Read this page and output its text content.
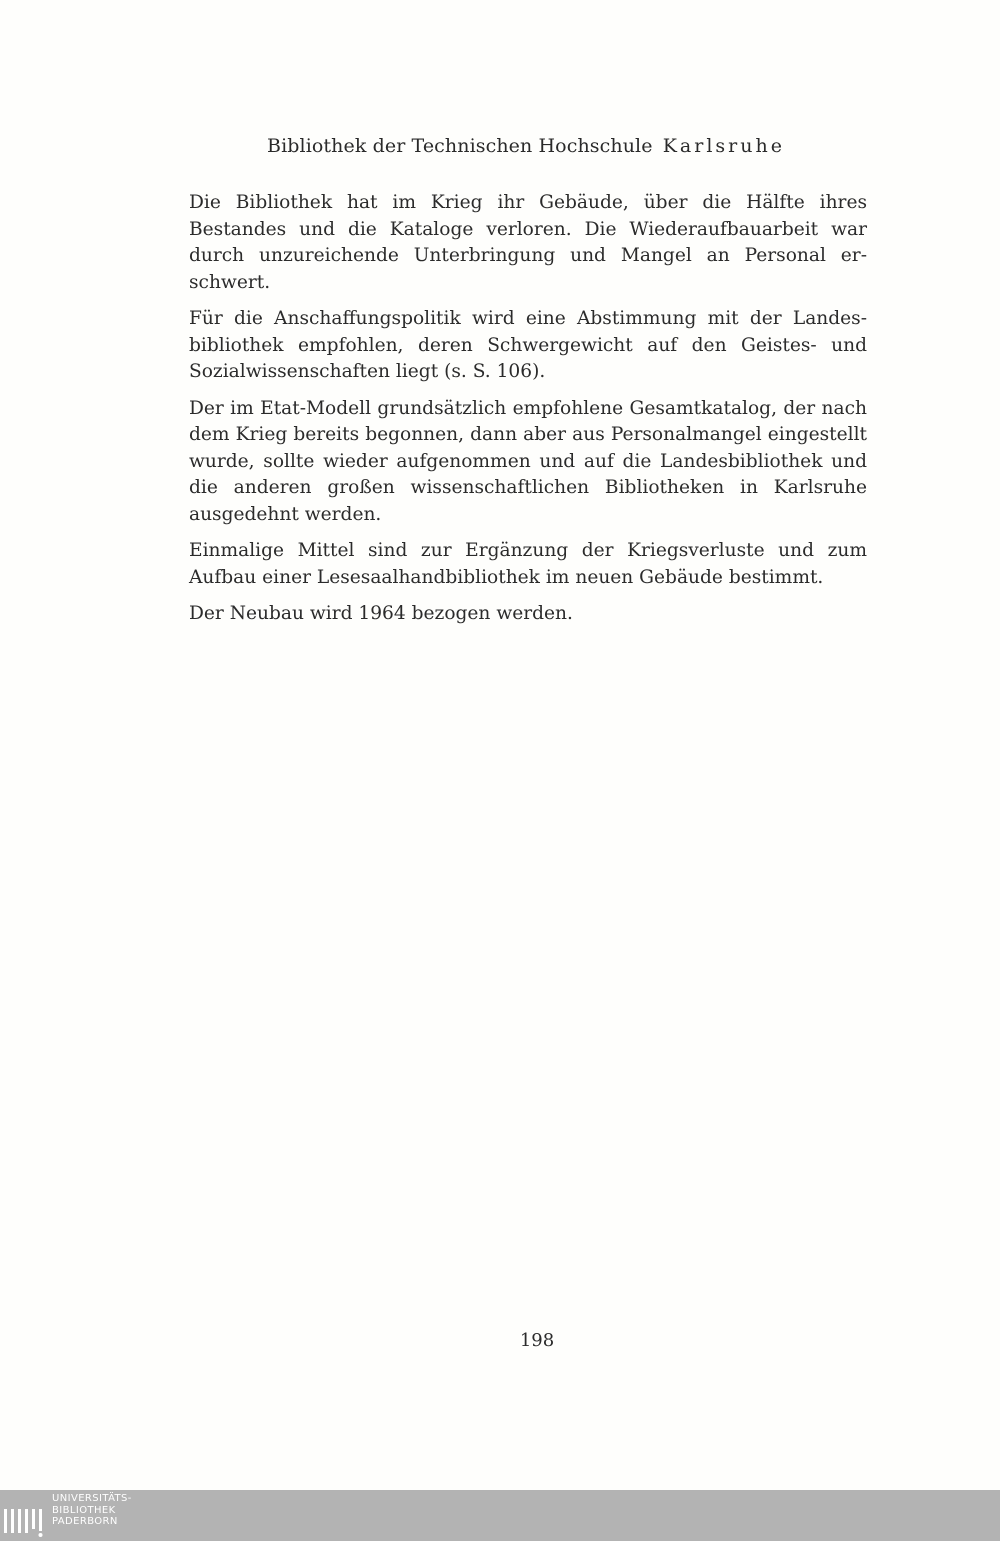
Bibliothek der Technischen Hochschule Karlsruhe

Die Bibliothek hat im Krieg ihr Gebäude, über die Hälfte ihres Bestandes und die Kataloge verloren. Die Wiederaufbauarbeit war durch unzureichende Unterbringung und Mangel an Personal erschwert.

Für die Anschaffungspolitik wird eine Abstimmung mit der Landesbibliothek empfohlen, deren Schwergewicht auf den Geistes- und Sozialwissenschaften liegt (s. S. 106).

Der im Etat-Modell grundsätzlich empfohlene Gesamtkatalog, der nach dem Krieg bereits begonnen, dann aber aus Personalmangel eingestellt wurde, sollte wieder aufgenommen und auf die Landesbibliothek und die anderen großen wissenschaftlichen Bibliotheken in Karlsruhe ausgedehnt werden.

Einmalige Mittel sind zur Ergänzung der Kriegsverluste und zum Aufbau einer Lesesaalhandbibliothek im neuen Gebäude bestimmt.

Der Neubau wird 1964 bezogen werden.

198
UNIVERSITÄTS-
BIBLIOTHEK
PADERBORN
